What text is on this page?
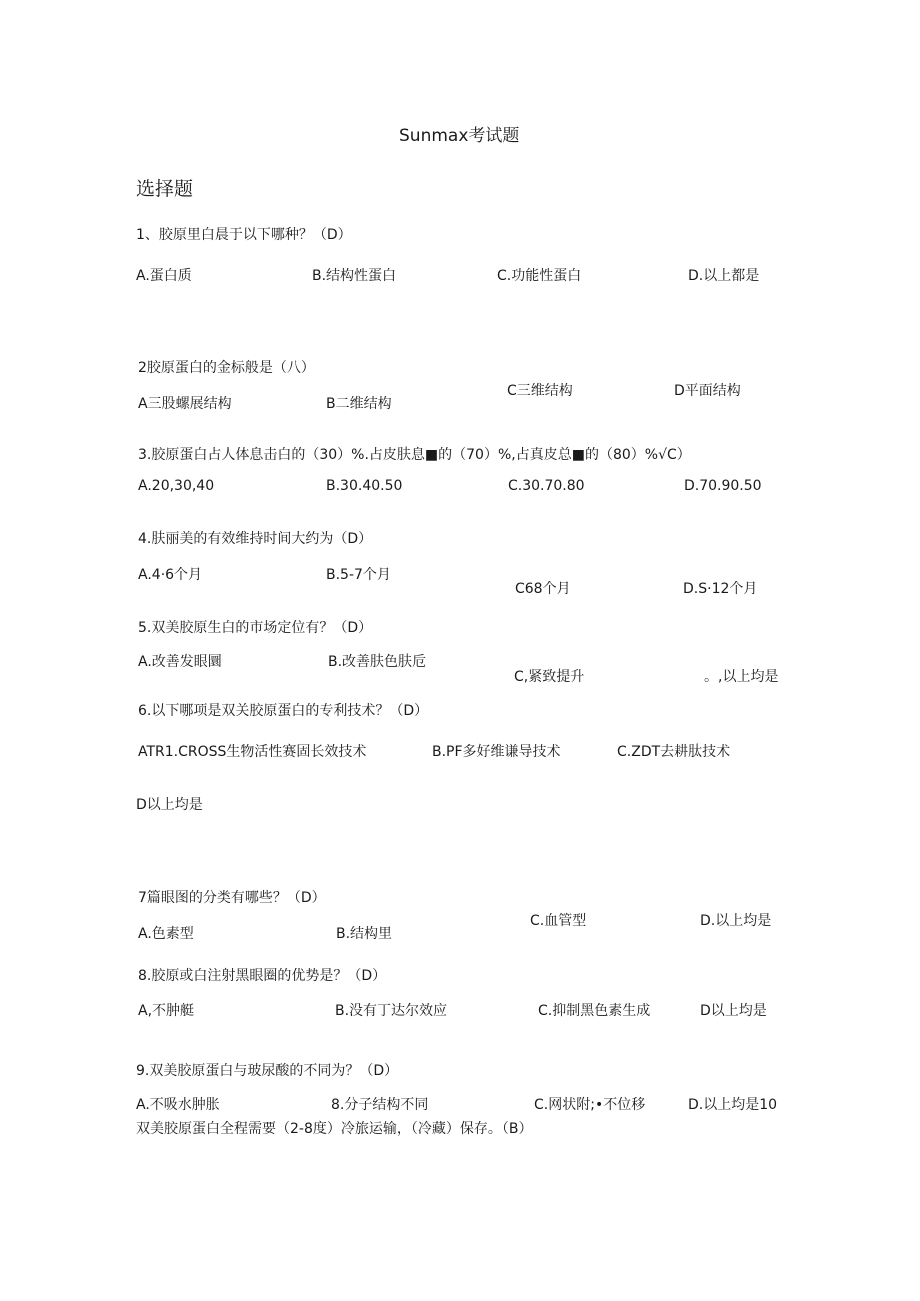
Sunmax考试题
选择题
1、胶原里白晨于以下哪种？（D）
A.蛋白质	B.结构性蛋白	C.功能性蛋白	D.以上都是
2胶原蛋白的金标般是（八）
A三股螺展结构	B二维结构
C三维结构	D平面结构
3.胶原蛋白占人体息击白的（30）%.占皮肤息■的（70）%,占真皮总■的（80）%√C）
A.20,30,40	B.30.40.50	C.30.70.80	D.70.90.50
4.肤丽美的有效维持时间大约为（D）
A.4·6个月	B.5-7个月
C68个月	D.S·12个月
5.双美胶原生白的市场定位有？（D）
A.改善发眼圜	B.改善肤色肤卮
C,紧致提升	。,以上均是
6.以下哪项是双关胶原蛋白的专利技术？（D）
ATR1.CROSS生物活性赛固长效技术	B.PF多好维谦导技术	C.ZDT去耕肽技术
D以上均是
7篇眼图的分类有哪些？（D）
A.色素型	B.结构里
C.血管型	D.以上均是
8.胶原或白注射黑眼圈的优势是？（D）
A,不肿艇	B.没有丁达尔效应	C.抑制黑色素生成	D以上均是
9.双美胶原蛋白与玻尿酸的不同为？（D）
A.不吸水肿胀	8.分子结构不同	C.网状附;•不位移	D.以上均是10
双美胶原蛋白全程需要（2-8度）冷旅运输，（冷藏）保存。（B）
